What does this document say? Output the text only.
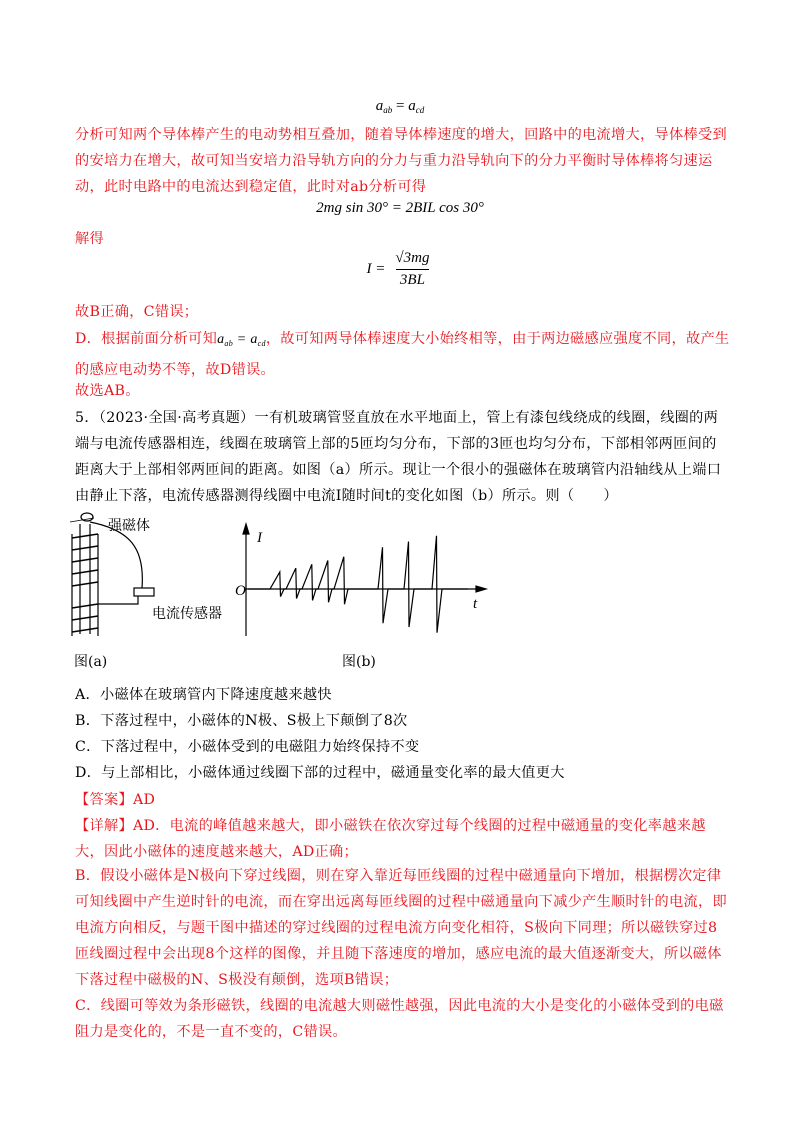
$a_{ab} = a_{cd}$

分析可知两个导体棒产生的电动势相互叠加，随着导体棒速度的增大，回路中的电流增大，导体棒受到的安培力在增大，故可知当安培力沿导轨方向的分力与重力沿导轨向下的分力平衡时导体棒将匀速运动，此时电路中的电流达到稳定值，此时对ab分析可得

2mg sin 30° = 2BIL cos 30°

解得

$I = \frac{√3mg}{3BL}$

故B正确，C错误；

D．根据前面分析可知$a_{ab} = a_{cd}$，故可知两导体棒速度大小始终相等，由于两边磁感应强度不同，故产生的感应电动势不等，故D错误。

故选AB。

5．（2023·全国·高考真题）一有机玻璃管竖直放在水平地面上，管上有漆包线绕成的线圈，线圈的两端与电流传感器相连，线圈在玻璃管上部的5匝均匀分布，下部的3匝也均匀分布，下部相邻两匝间的距离大于上部相邻两匝间的距离。如图（a）所示。现让一个很小的强磁体在玻璃管内沿轴线从上端口由静止下落，电流传感器测得线圈中电流I随时间t的变化如图（b）所示。则（　　）

强磁体
电流传感器
图(a)
I
t
O
图(b)

A．小磁体在玻璃管内下降速度越来越快

B．下落过程中，小磁体的N极、S极上下颠倒了8次

C．下落过程中，小磁体受到的电磁阻力始终保持不变

D．与上部相比，小磁体通过线圈下部的过程中，磁通量变化率的最大值更大

【答案】AD

【详解】AD．电流的峰值越来越大，即小磁铁在依次穿过每个线圈的过程中磁通量的变化率越来越大，因此小磁体的速度越来越大，AD正确；

B．假设小磁体是N极向下穿过线圈，则在穿入靠近每匝线圈的过程中磁通量向下增加，根据楞次定律可知线圈中产生逆时针的电流，而在穿出远离每匝线圈的过程中磁通量向下减少产生顺时针的电流，即电流方向相反，与题干图中描述的穿过线圈的过程电流方向变化相符，S极向下同理；所以磁铁穿过8匝线圈过程中会出现8个这样的图像，并且随下落速度的增加，感应电流的最大值逐渐变大，所以磁体下落过程中磁极的N、S极没有颠倒，选项B错误；

C．线圈可等效为条形磁铁，线圈的电流越大则磁性越强，因此电流的大小是变化的小磁体受到的电磁阻力是变化的，不是一直不变的，C错误。
